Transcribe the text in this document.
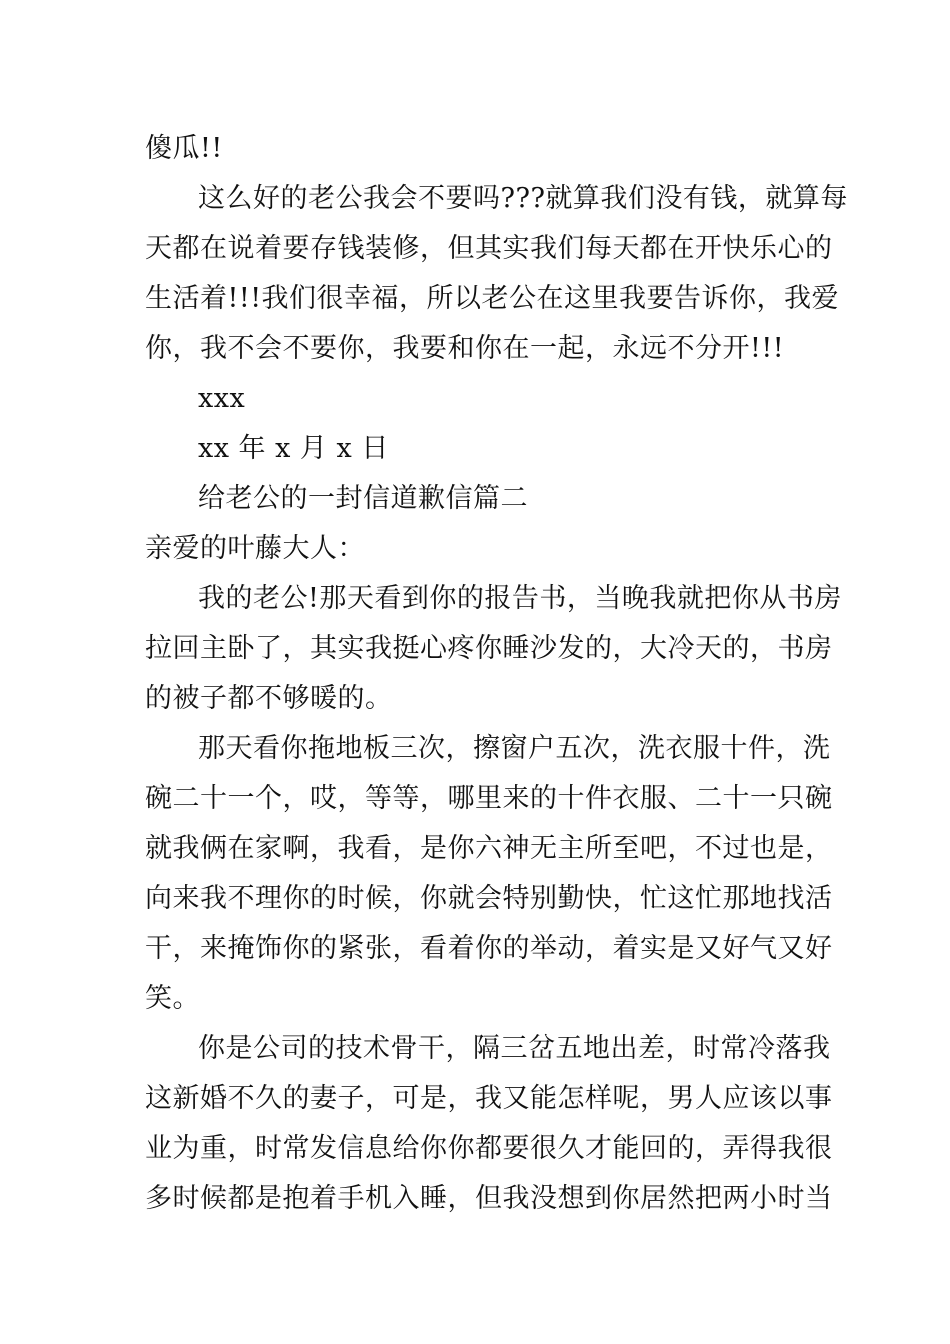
傻瓜!!
这么好的老公我会不要吗???就算我们没有钱，就算每
天都在说着要存钱装修，但其实我们每天都在开快乐心的
生活着!!!我们很幸福，所以老公在这里我要告诉你，我爱
你，我不会不要你，我要和你在一起，永远不分开!!!
xxx
xx 年 x 月 x 日
给老公的一封信道歉信篇二
亲爱的叶藤大人：
我的老公!那天看到你的报告书，当晚我就把你从书房
拉回主卧了，其实我挺心疼你睡沙发的，大冷天的，书房
的被子都不够暖的。
那天看你拖地板三次，擦窗户五次，洗衣服十件，洗
碗二十一个，哎，等等，哪里来的十件衣服、二十一只碗
就我俩在家啊，我看，是你六神无主所至吧，不过也是，
向来我不理你的时候，你就会特别勤快，忙这忙那地找活
干，来掩饰你的紧张，看着你的举动，着实是又好气又好
笑。
你是公司的技术骨干，隔三岔五地出差，时常冷落我
这新婚不久的妻子，可是，我又能怎样呢，男人应该以事
业为重，时常发信息给你你都要很久才能回的，弄得我很
多时候都是抱着手机入睡，但我没想到你居然把两小时当
